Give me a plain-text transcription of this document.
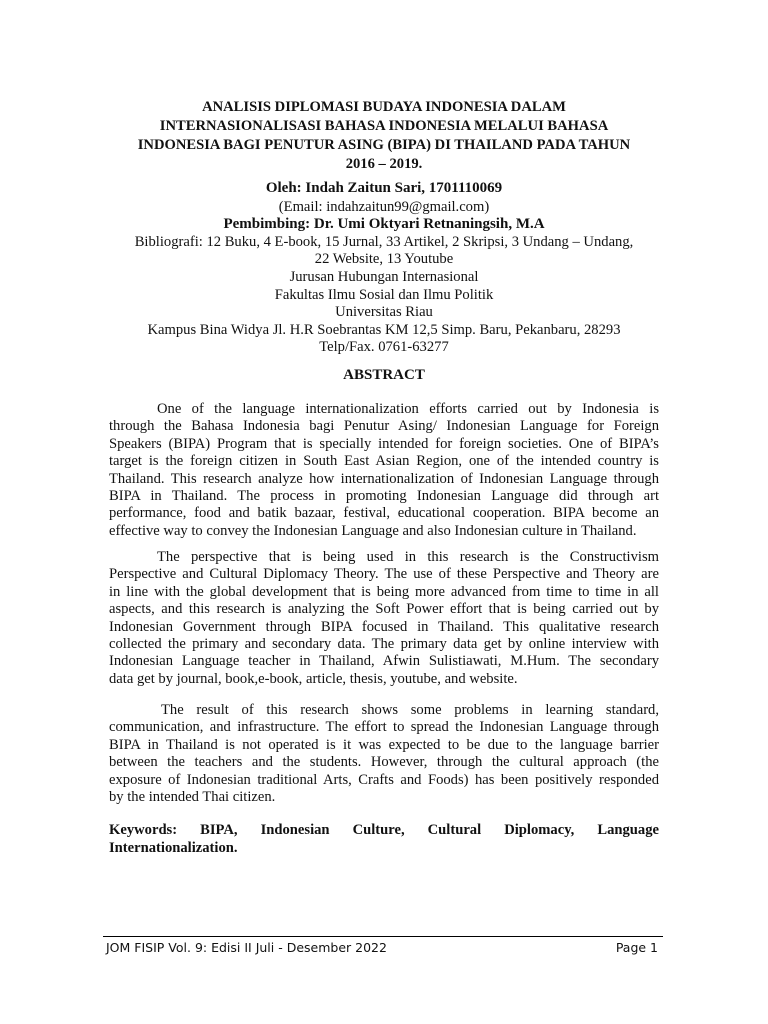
ANALISIS DIPLOMASI BUDAYA INDONESIA DALAM
INTERNASIONALISASI BAHASA INDONESIA MELALUI BAHASA
INDONESIA BAGI PENUTUR ASING (BIPA) DI THAILAND PADA TAHUN
2016 – 2019.
Oleh: Indah Zaitun Sari, 1701110069
(Email: indahzaitun99@gmail.com)
Pembimbing: Dr. Umi Oktyari Retnaningsih, M.A
Bibliografi: 12 Buku, 4 E-book, 15 Jurnal, 33 Artikel, 2 Skripsi, 3 Undang – Undang,
22 Website, 13 Youtube
Jurusan Hubungan Internasional
Fakultas Ilmu Sosial dan Ilmu Politik
Universitas Riau
Kampus Bina Widya Jl. H.R Soebrantas KM 12,5 Simp. Baru, Pekanbaru, 28293
Telp/Fax. 0761-63277
ABSTRACT
One of the language internationalization efforts carried out by Indonesia is
through the Bahasa Indonesia bagi Penutur Asing/ Indonesian Language for Foreign
Speakers (BIPA) Program that is specially intended for foreign societies. One of BIPA’s
target is the foreign citizen in South East Asian Region, one of the intended country is
Thailand. This research analyze how internationalization of Indonesian Language through
BIPA in Thailand. The process in promoting Indonesian Language did through art
performance, food and batik bazaar, festival, educational cooperation. BIPA become an
effective way to convey the Indonesian Language and also Indonesian culture in Thailand.
The perspective that is being used in this research is the Constructivism
Perspective and Cultural Diplomacy Theory. The use of these Perspective and Theory are
in line with the global development that is being more advanced from time to time in all
aspects, and this research is analyzing the Soft Power effort that is being carried out by
Indonesian Government through BIPA focused in Thailand. This qualitative research
collected the primary and secondary data. The primary data get by online interview with
Indonesian Language teacher in Thailand, Afwin Sulistiawati, M.Hum. The secondary
data get by journal, book,e-book, article, thesis, youtube, and website.
The result of this research shows some problems in learning standard,
communication, and infrastructure. The effort to spread the Indonesian Language through
BIPA in Thailand is not operated is it was expected to be due to the language barrier
between the teachers and the students. However, through the cultural approach (the
exposure of Indonesian traditional Arts, Crafts and Foods) has been positively responded
by the intended Thai citizen.
Keywords: BIPA, Indonesian Culture, Cultural Diplomacy, Language
Internationalization.
JOM FISIP Vol. 9: Edisi II Juli - Desember 2022	Page 1
